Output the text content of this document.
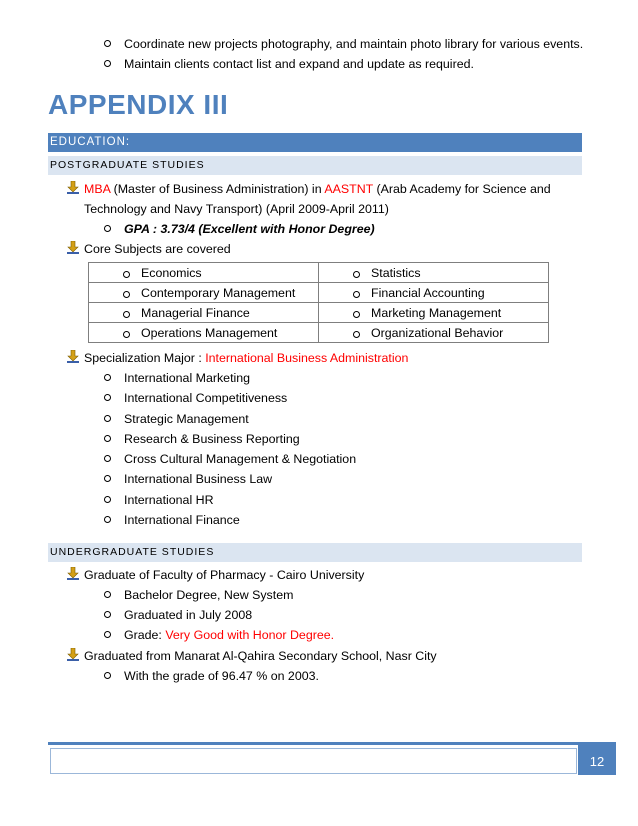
Coordinate new projects photography, and maintain photo library for various events.
Maintain clients contact list and expand and update as required.
APPENDIX III
EDUCATION:
POSTGRADUATE STUDIES
MBA (Master of Business Administration) in AASTNT (Arab Academy for Science and
Technology and Navy Transport) (April 2009-April 2011)
GPA : 3.73/4 (Excellent with Honor Degree)
Core Subjects are covered
Economics	Statistics

Contemporary Management	Financial Accounting

Managerial Finance	Marketing Management

Operations Management	Organizational Behavior
Specialization Major : International Business Administration
International Marketing
International Competitiveness
Strategic Management
Research & Business Reporting
Cross Cultural Management & Negotiation
International Business Law
International HR
International Finance
UNDERGRADUATE STUDIES
Graduate of Faculty of Pharmacy - Cairo University
Bachelor Degree, New System
Graduated in July 2008
Grade: Very Good with Honor Degree.
Graduated from Manarat Al-Qahira Secondary School, Nasr City
With the grade of 96.47 % on 2003.
12
